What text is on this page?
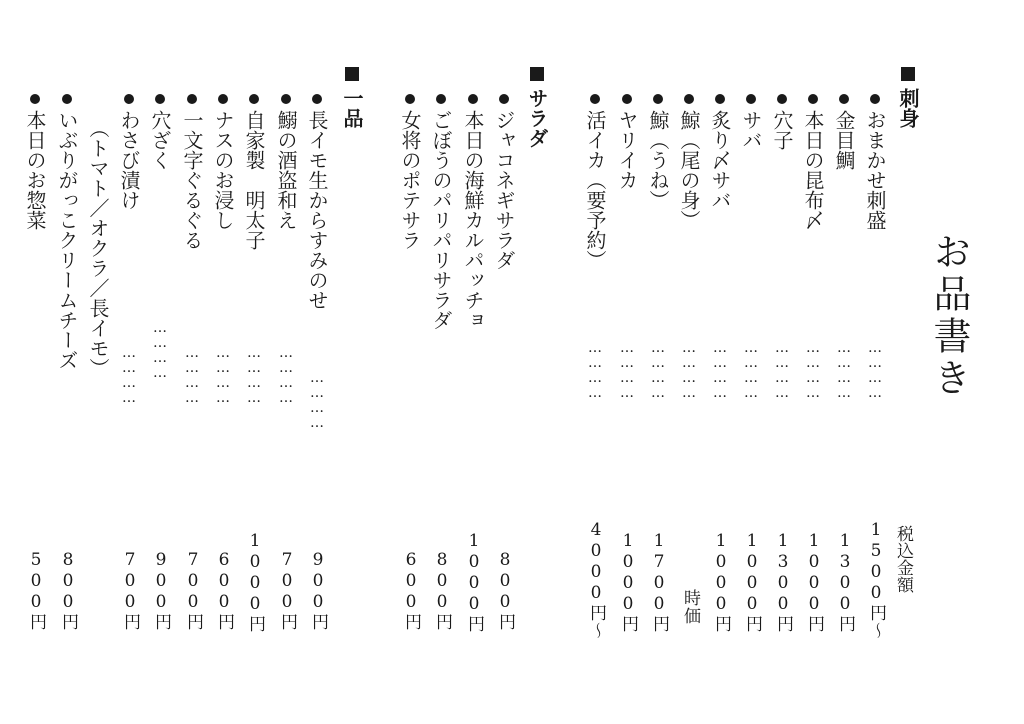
お品書き
税込金額
刺身
おまかせ刺盛
…………
1500円〜
金目鯛
…………
1300円
本日の昆布〆
…………
1000円
穴子
…………
1300円
サバ
…………
1000円
炙り〆サバ
…………
1000円
鯨（尾の身）
…………
時価
鯨（うね）
…………
1700円
ヤリイカ
…………
1000円
活イカ（要予約）
…………
4000円〜
サラダ
ジャコネギサラダ
800円
本日の海鮮カルパッチョ
1000円
ごぼうのパリパリサラダ
800円
女将のポテサラ
600円
一品
長イモ生からすみのせ
…………
900円
鰯の酒盗和え
…………
700円
自家製　明太子
…………
1000円
ナスのお浸し
…………
600円
一文字ぐるぐる
…………
700円
穴ざく
…………
900円
わさび漬け
…………
700円
（トマト／オクラ／長イモ）
いぶりがっこクリームチーズ
800円
本日のお惣菜
500円
